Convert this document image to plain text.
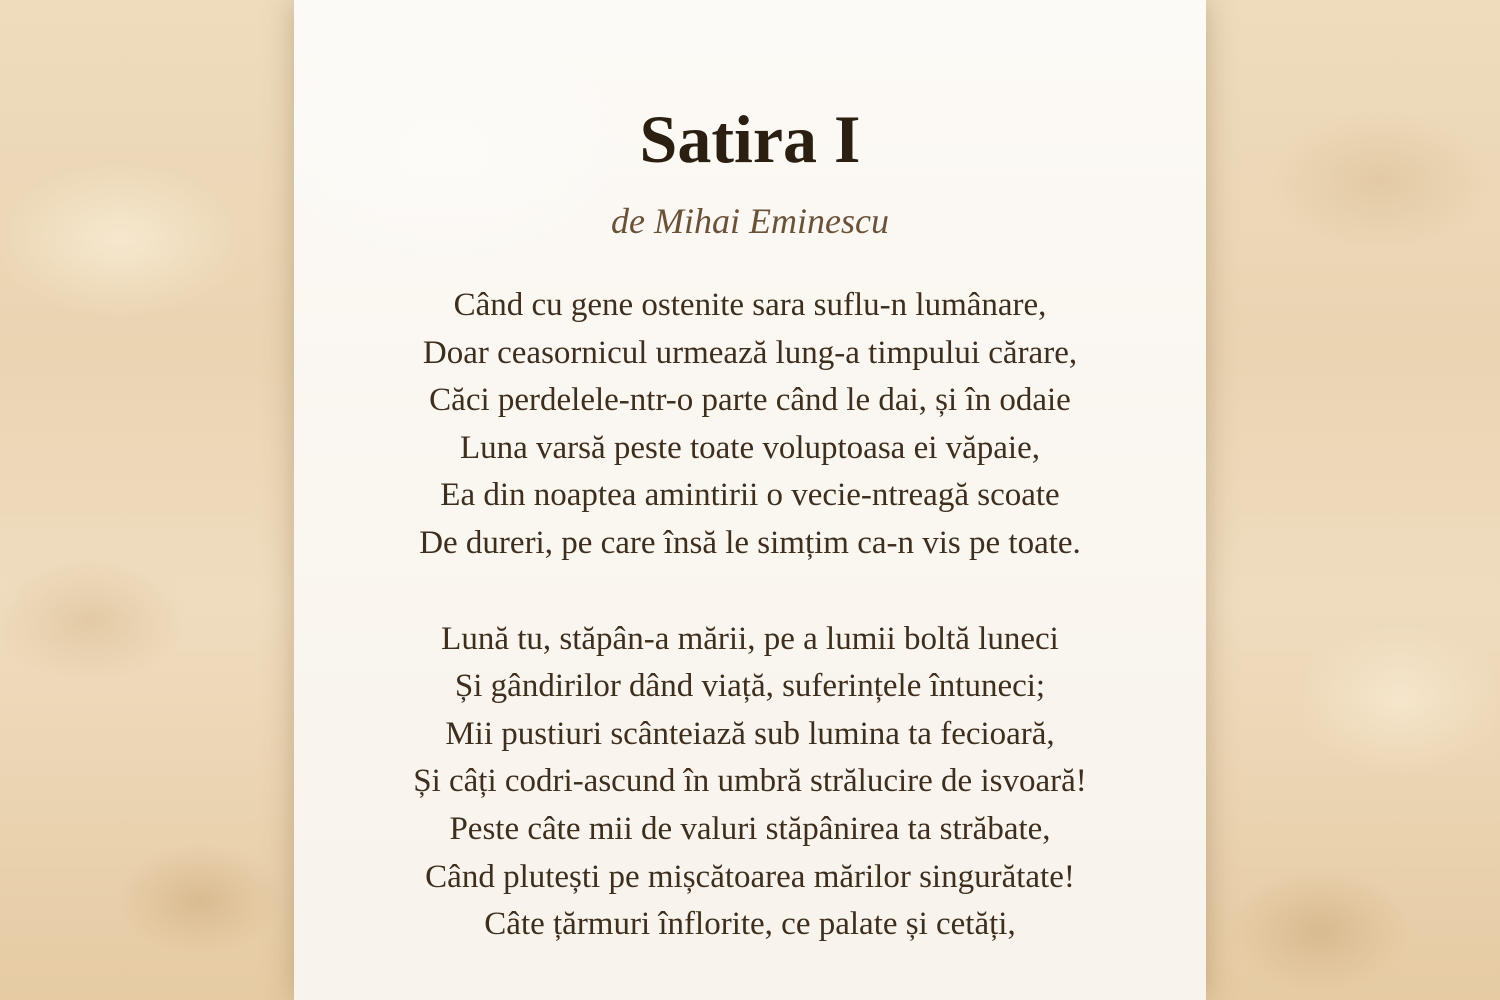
Satira I

de Mihai Eminescu

Când cu gene ostenite sara suflu-n lumânare,
Doar ceasornicul urmează lung-a timpului cărare,
Căci perdelele-ntr-o parte când le dai, și în odaie
Luna varsă peste toate voluptoasa ei văpaie,
Ea din noaptea amintirii o vecie-ntreagă scoate
De dureri, pe care însă le simțim ca-n vis pe toate.
Lună tu, stăpân-a mării, pe a lumii boltă luneci
Și gândirilor dând viață, suferințele întuneci;
Mii pustiuri scânteiază sub lumina ta fecioară,
Și câți codri-ascund în umbră strălucire de isvoară!
Peste câte mii de valuri stăpânirea ta străbate,
Când plutești pe mișcătoarea mărilor singurătate!
Câte țărmuri înflorite, ce palate și cetăți,
